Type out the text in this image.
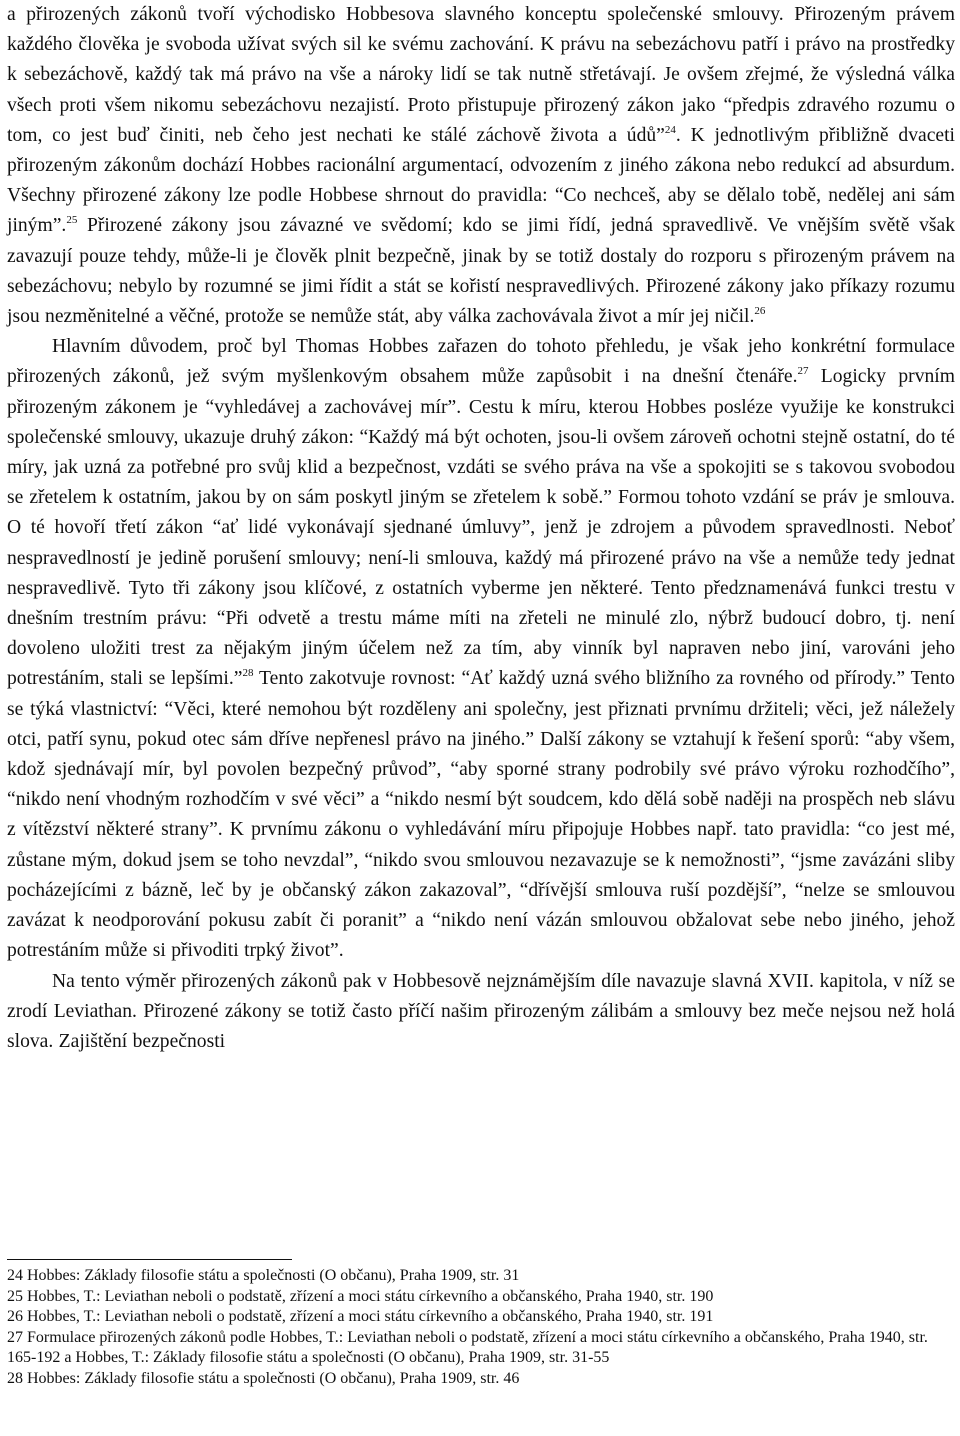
a přirozených zákonů tvoří východisko Hobbesova slavného konceptu společenské smlouvy. Přirozeným právem každého člověka je svoboda užívat svých sil ke svému zachování. K právu na sebezáchovu patří i právo na prostředky k sebezáchově, každý tak má právo na vše a nároky lidí se tak nutně střetávají. Je ovšem zřejmé, že výsledná válka všech proti všem nikomu sebezáchovu nezajistí. Proto přistupuje přirozený zákon jako “předpis zdravého rozumu o tom, co jest buď činiti, neb čeho jest nechati ke stálé záchově života a údů”$^{24}$. K jednotlivým přibližně dvaceti přirozeným zákonům dochází Hobbes racionální argumentací, odvozením z jiného zákona nebo redukcí ad absurdum. Všechny přirozené zákony lze podle Hobbese shrnout do pravidla: “Co nechceš, aby se dělalo tobě, nedělej ani sám jiným”.$^{25}$ Přirozené zákony jsou závazné ve svědomí; kdo se jimi řídí, jedná spravedlivě. Ve vnějším světě však zavazují pouze tehdy, může-li je člověk plnit bezpečně, jinak by se totiž dostaly do rozporu s přirozeným právem na sebezáchovu; nebylo by rozumné se jimi řídit a stát se kořistí nespravedlivých. Přirozené zákony jako příkazy rozumu jsou nezměnitelné a věčné, protože se nemůže stát, aby válka zachovávala život a mír jej ničil.$^{26}$

Hlavním důvodem, proč byl Thomas Hobbes zařazen do tohoto přehledu, je však jeho konkrétní formulace přirozených zákonů, jež svým myšlenkovým obsahem může zapůsobit i na dnešní čtenáře.$^{27}$ Logicky prvním přirozeným zákonem je “vyhledávej a zachovávej mír”. Cestu k míru, kterou Hobbes posléze využije ke konstrukci společenské smlouvy, ukazuje druhý zákon: “Každý má být ochoten, jsou-li ovšem zároveň ochotni stejně ostatní, do té míry, jak uzná za potřebné pro svůj klid a bezpečnost, vzdáti se svého práva na vše a spokojiti se s takovou svobodou se zřetelem k ostatním, jakou by on sám poskytl jiným se zřetelem k sobě.” Formou tohoto vzdání se práv je smlouva. O té hovoří třetí zákon “ať lidé vykonávají sjednané úmluvy”, jenž je zdrojem a původem spravedlnosti. Neboť nespravedlností je jedině porušení smlouvy; není-li smlouva, každý má přirozené právo na vše a nemůže tedy jednat nespravedlivě. Tyto tři zákony jsou klíčové, z ostatních vyberme jen některé. Tento předznamenává funkci trestu v dnešním trestním právu: “Při odvetě a trestu máme míti na zřeteli ne minulé zlo, nýbrž budoucí dobro, tj. není dovoleno uložiti trest za nějakým jiným účelem než za tím, aby vinník byl napraven nebo jiní, varováni jeho potrestáním, stali se lepšími.”$^{28}$ Tento zakotvuje rovnost: “Ať každý uzná svého bližního za rovného od přírody.” Tento se týká vlastnictví: “Věci, které nemohou být rozděleny ani společny, jest přiznati prvnímu držiteli; věci, jež náležely otci, patří synu, pokud otec sám dříve nepřenesl právo na jiného.” Další zákony se vztahují k řešení sporů: “aby všem, kdož sjednávají mír, byl povolen bezpečný průvod”, “aby sporné strany podrobily své právo výroku rozhodčího”, “nikdo není vhodným rozhodčím v své věci” a “nikdo nesmí být soudcem, kdo dělá sobě naději na prospěch neb slávu z vítězství některé strany”. K prvnímu zákonu o vyhledávání míru připojuje Hobbes např. tato pravidla: “co jest mé, zůstane mým, dokud jsem se toho nevzdal”, “nikdo svou smlouvou nezavazuje se k nemožnosti”, “jsme zavázáni sliby pocházejícími z bázně, leč by je občanský zákon zakazoval”, “dřívější smlouva ruší pozdější”, “nelze se smlouvou zavázat k neodporování pokusu zabít či poranit” a “nikdo není vázán smlouvou obžalovat sebe nebo jiného, jehož potrestáním může si přivoditi trpký život”.

Na tento výměr přirozených zákonů pak v Hobbesově nejznámějším díle navazuje slavná XVII. kapitola, v níž se zrodí Leviathan. Přirozené zákony se totiž často příčí našim přirozeným zálibám a smlouvy bez meče nejsou než holá slova. Zajištění bezpečnosti

24 Hobbes: Základy filosofie státu a společnosti (O občanu), Praha 1909, str. 31

25 Hobbes, T.: Leviathan neboli o podstatě, zřízení a moci státu církevního a občanského, Praha 1940, str. 190

26 Hobbes, T.: Leviathan neboli o podstatě, zřízení a moci státu církevního a občanského, Praha 1940, str. 191

27 Formulace přirozených zákonů podle Hobbes, T.: Leviathan neboli o podstatě, zřízení a moci státu církevního a občanského, Praha 1940, str. 165-192 a Hobbes, T.: Základy filosofie státu a společnosti (O občanu), Praha 1909, str. 31-55

28 Hobbes: Základy filosofie státu a společnosti (O občanu), Praha 1909, str. 46
